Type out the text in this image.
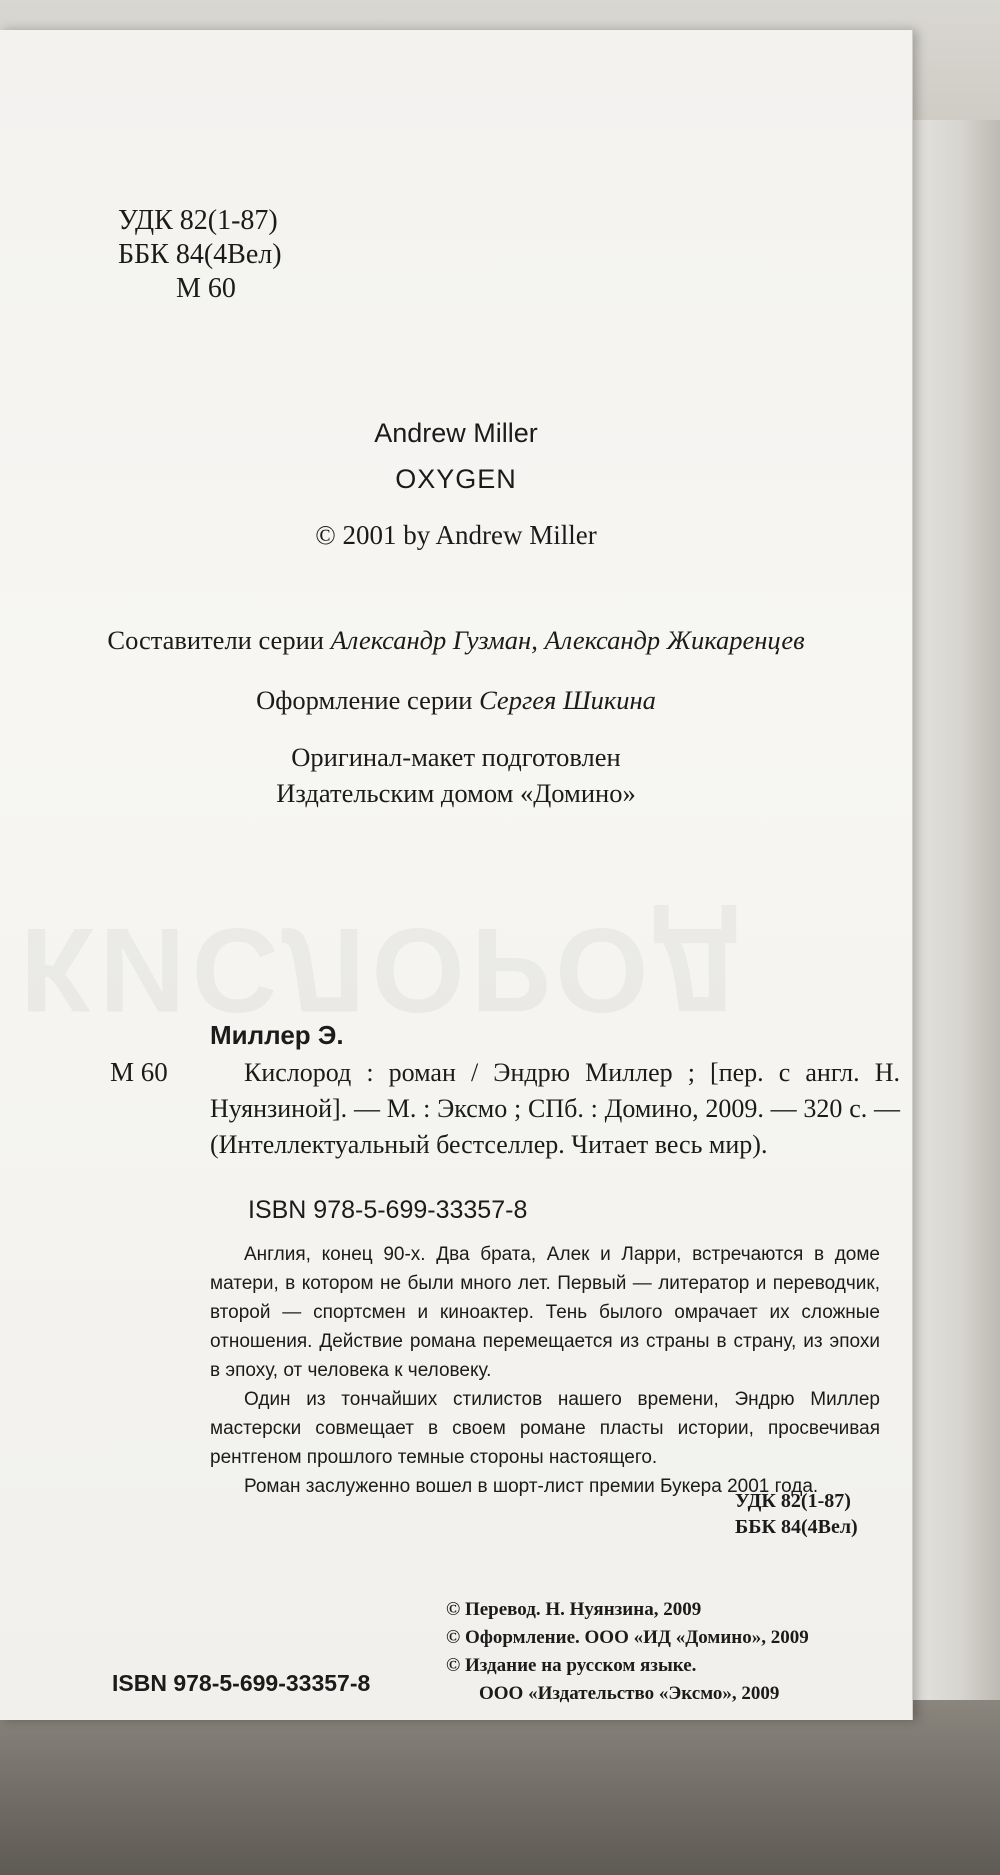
УДК 82(1-87)
ББК 84(4Вел)
М 60
Andrew Miller
OXYGEN
© 2001 by Andrew Miller
Составители серии Александр Гузман, Александр Жикаренцев
Оформление серии Сергея Шикина
Оригинал-макет подготовлен
Издательским домом «Домино»
Миллер Э.
М 60	Кислород : роман / Эндрю Миллер ; [пер. с англ. Н. Нуянзиной]. — М. : Эксмо ; СПб. : Домино, 2009. — 320 с. — (Интеллектуальный бестселлер. Читает весь мир).
ISBN 978-5-699-33357-8

Англия, конец 90-х. Два брата, Алек и Ларри, встречаются в доме матери, в котором не были много лет. Первый — литератор и переводчик, второй — спортсмен и киноактер. Тень былого омрачает их сложные отношения. Действие романа перемещается из страны в страну, из эпохи в эпоху, от человека к человеку.

Один из тончайших стилистов нашего времени, Эндрю Миллер мастерски совмещает в своем романе пласты истории, просвечивая рентгеном прошлого темные стороны настоящего.

Роман заслуженно вошел в шорт-лист премии Букера 2001 года.

УДК 82(1-87)
ББК 84(4Вел)
© Перевод. Н. Нуянзина, 2009
© Оформление. ООО «ИД «Домино», 2009
© Издание на русском языке.
ООО «Издательство «Эксмо», 2009
ISBN 978-5-699-33357-8
